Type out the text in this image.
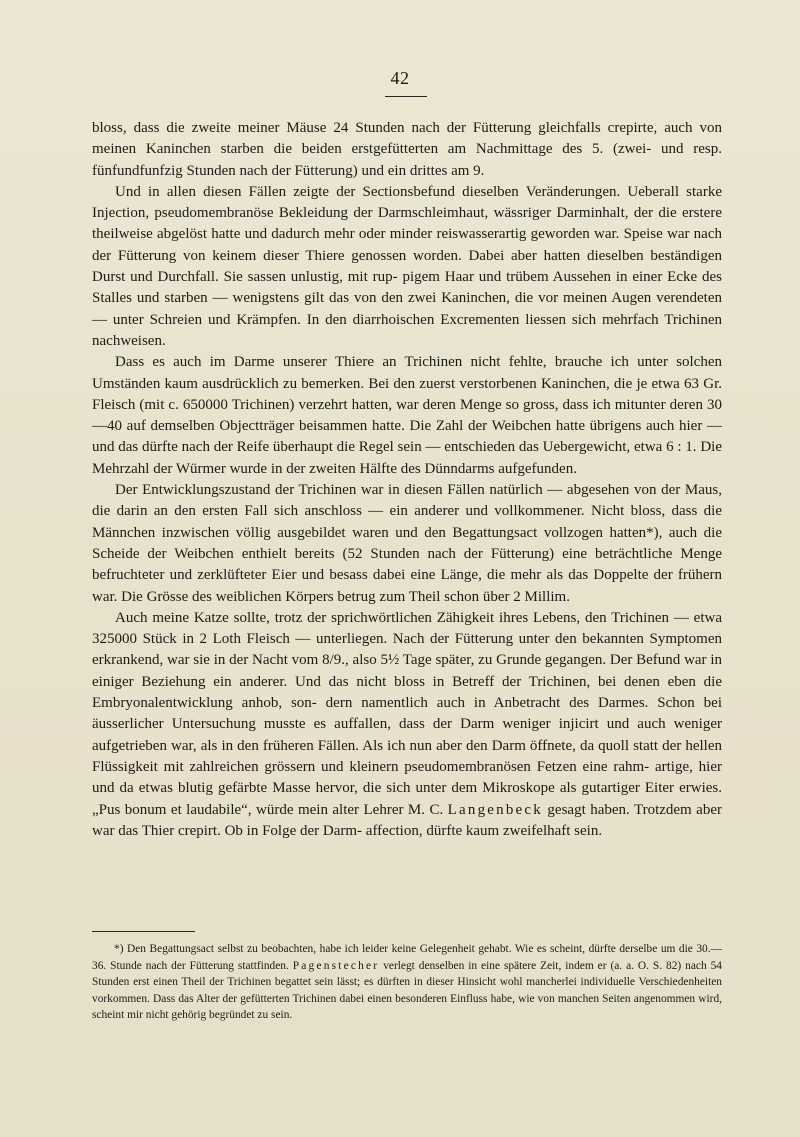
42

bloss, dass die zweite meiner Mäuse 24 Stunden nach der Fütterung gleichfalls crepirte, auch von meinen Kaninchen starben die beiden erstgefütterten am Nachmittage des 5. (zwei- und resp. fünfundfunfzig Stunden nach der Fütterung) und ein drittes am 9.

Und in allen diesen Fällen zeigte der Sectionsbefund dieselben Veränderungen. Ueberall starke Injection, pseudomembranöse Bekleidung der Darmschleimhaut, wässriger Darminhalt, der die erstere theilweise abgelöst hatte und dadurch mehr oder minder reiswasserartig geworden war. Speise war nach der Fütterung von keinem dieser Thiere genossen worden. Dabei aber hatten dieselben beständigen Durst und Durchfall. Sie sassen unlustig, mit rup- pigem Haar und trübem Aussehen in einer Ecke des Stalles und starben — wenigstens gilt das von den zwei Kaninchen, die vor meinen Augen verendeten — unter Schreien und Krämpfen. In den diarrhoischen Excrementen liessen sich mehrfach Trichinen nachweisen.

Dass es auch im Darme unserer Thiere an Trichinen nicht fehlte, brauche ich unter solchen Umständen kaum ausdrücklich zu bemerken. Bei den zuerst verstorbenen Kaninchen, die je etwa 63 Gr. Fleisch (mit c. 650000 Trichinen) verzehrt hatten, war deren Menge so gross, dass ich mitunter deren 30—40 auf demselben Objectträger beisammen hatte. Die Zahl der Weibchen hatte übrigens auch hier — und das dürfte nach der Reife überhaupt die Regel sein — entschieden das Uebergewicht, etwa 6 : 1. Die Mehrzahl der Würmer wurde in der zweiten Hälfte des Dünndarms aufgefunden.

Der Entwicklungszustand der Trichinen war in diesen Fällen natürlich — abgesehen von der Maus, die darin an den ersten Fall sich anschloss — ein anderer und vollkommener. Nicht bloss, dass die Männchen inzwischen völlig ausgebildet waren und den Begattungsact vollzogen hatten*), auch die Scheide der Weibchen enthielt bereits (52 Stunden nach der Fütterung) eine beträchtliche Menge befruchteter und zerklüfteter Eier und besass dabei eine Länge, die mehr als das Doppelte der frühern war. Die Grösse des weiblichen Körpers betrug zum Theil schon über 2 Millim.

Auch meine Katze sollte, trotz der sprichwörtlichen Zähigkeit ihres Lebens, den Trichinen — etwa 325000 Stück in 2 Loth Fleisch — unterliegen. Nach der Fütterung unter den bekannten Symptomen erkrankend, war sie in der Nacht vom 8/9., also 5½ Tage später, zu Grunde gegangen. Der Befund war in einiger Beziehung ein anderer. Und das nicht bloss in Betreff der Trichinen, bei denen eben die Embryonalentwicklung anhob, son- dern namentlich auch in Anbetracht des Darmes. Schon bei äusserlicher Untersuchung musste es auffallen, dass der Darm weniger injicirt und auch weniger aufgetrieben war, als in den früheren Fällen. Als ich nun aber den Darm öffnete, da quoll statt der hellen Flüssigkeit mit zahlreichen grössern und kleinern pseudomembranösen Fetzen eine rahm- artige, hier und da etwas blutig gefärbte Masse hervor, die sich unter dem Mikroskope als gutartiger Eiter erwies. „Pus bonum et laudabile“, würde mein alter Lehrer M. C. Langenbeck gesagt haben. Trotzdem aber war das Thier crepirt. Ob in Folge der Darm- affection, dürfte kaum zweifelhaft sein.

*) Den Begattungsact selbst zu beobachten, habe ich leider keine Gelegenheit gehabt. Wie es scheint, dürfte derselbe um die 30.—36. Stunde nach der Fütterung stattfinden. Pagenstecher verlegt denselben in eine spätere Zeit, indem er (a. a. O. S. 82) nach 54 Stunden erst einen Theil der Trichinen begattet sein lässt; es dürften in dieser Hinsicht wohl mancherlei individuelle Verschiedenheiten vorkommen. Dass das Alter der gefütterten Trichinen dabei einen besonderen Einfluss habe, wie von manchen Seiten angenommen wird, scheint mir nicht gehörig begründet zu sein.
